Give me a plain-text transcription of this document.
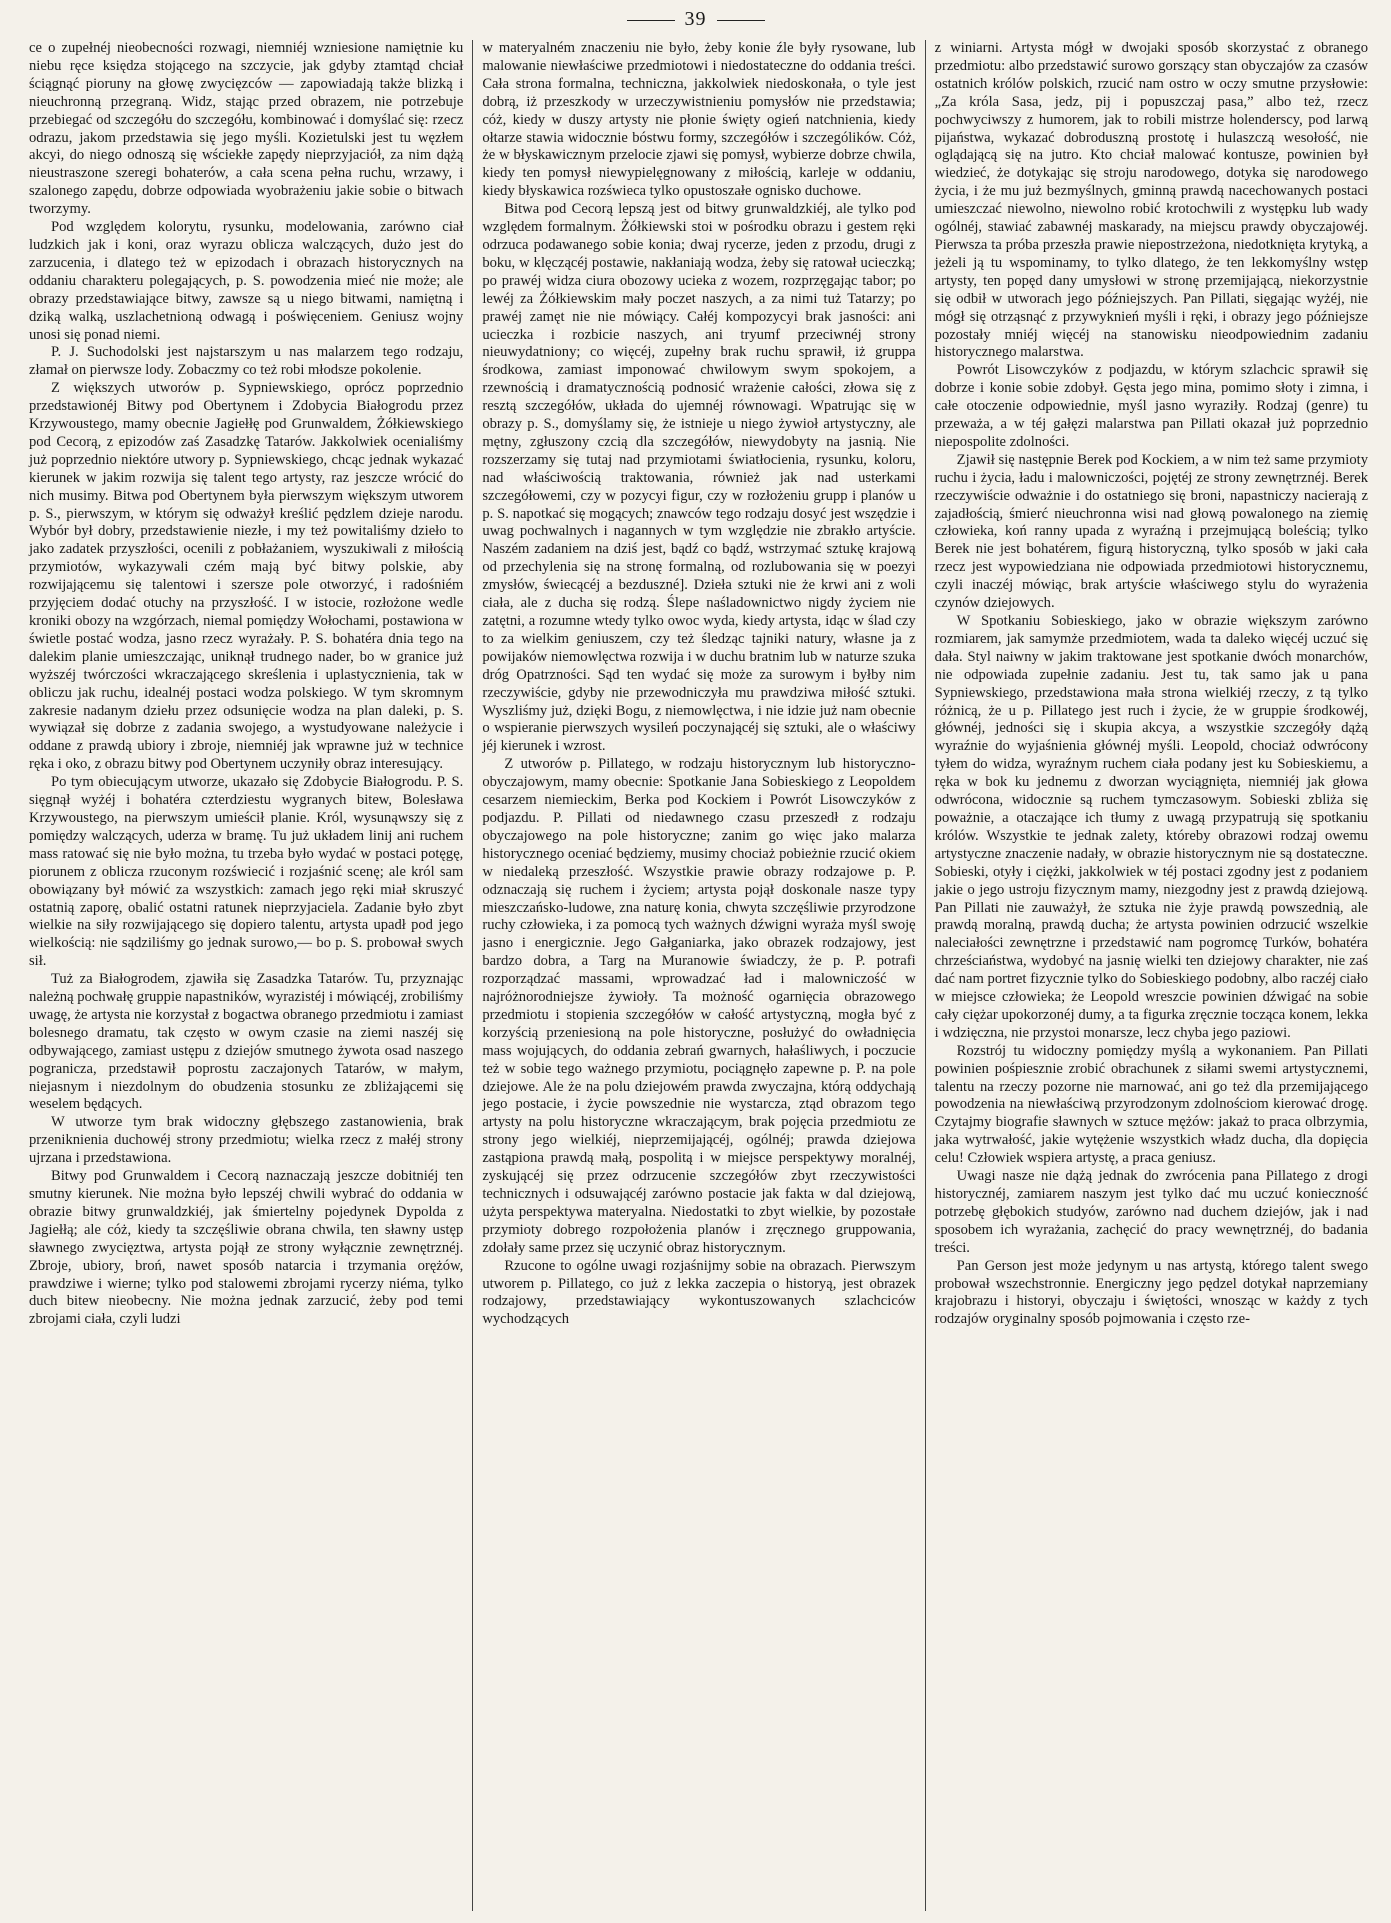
39

ce o zupełnéj nieobecności rozwagi, niemniéj wzniesione namiętnie ku niebu ręce księdza stojącego na szczycie, jak gdyby ztamtąd chciał ściągnąć pioruny na głowę zwycięzców — zapowiadają także blizką i nieuchronną przegraną. Widz, stając przed obrazem, nie potrzebuje przebiegać od szczegółu do szczegółu, kombinować i domyślać się: rzecz odrazu, jakom przedstawia się jego myśli. Kozietulski jest tu węzłem akcyi, do niego odnoszą się wściekłe zapędy nieprzyjaciół, za nim dążą nieustraszone szeregi bohaterów, a cała scena pełna ruchu, wrzawy, i szalonego zapędu, dobrze odpowiada wyobrażeniu jakie sobie o bitwach tworzymy.

Pod względem kolorytu, rysunku, modelowania, zarówno ciał ludzkich jak i koni, oraz wyrazu oblicza walczących, dużo jest do zarzucenia, i dlatego też w epizodach i obrazach historycznych na oddaniu charakteru polegających, p. S. powodzenia mieć nie może; ale obrazy przedstawiające bitwy, zawsze są u niego bitwami, namiętną i dziką walką, uszlachetnioną odwagą i poświęceniem. Geniusz wojny unosi się ponad niemi.

P. J. Suchodolski jest najstarszym u nas malarzem tego rodzaju, złamał on pierwsze lody. Zobaczmy co też robi młodsze pokolenie.

Z większych utworów p. Sypniewskiego, oprócz poprzednio przedstawionéj Bitwy pod Obertynem i Zdobycia Białogrodu przez Krzywoustego, mamy obecnie Jagiełłę pod Grunwaldem, Żółkiewskiego pod Cecorą, z epizodów zaś Zasadzkę Tatarów. Jakkolwiek ocenialiśmy już poprzednio niektóre utwory p. Sypniewskiego, chcąc jednak wykazać kierunek w jakim rozwija się talent tego artysty, raz jeszcze wrócić do nich musimy. Bitwa pod Obertynem była pierwszym większym utworem p. S., pierwszym, w którym się odważył kreślić pędzlem dzieje narodu. Wybór był dobry, przedstawienie niezłe, i my też powitaliśmy dzieło to jako zadatek przyszłości, ocenili z pobłażaniem, wyszukiwali z miłością przymiotów, wykazywali czém mają być bitwy polskie, aby rozwijającemu się talentowi i szersze pole otworzyć, i radośniém przyjęciem dodać otuchy na przyszłość. I w istocie, rozłożone wedle kroniki obozy na wzgórzach, niemal pomiędzy Wołochami, postawiona w świetle postać wodza, jasno rzecz wyrażały. P. S. bohatéra dnia tego na dalekim planie umieszczając, uniknął trudnego nader, bo w granice już wyższéj twórczości wkraczającego skreślenia i uplastycznienia, tak w obliczu jak ruchu, idealnéj postaci wodza polskiego. W tym skromnym zakresie nadanym dziełu przez odsunięcie wodza na plan daleki, p. S. wywiązał się dobrze z zadania swojego, a wystudyowane należycie i oddane z prawdą ubiory i zbroje, niemniéj jak wprawne już w technice ręka i oko, z obrazu bitwy pod Obertynem uczyniły obraz interesujący.

Po tym obiecującym utworze, ukazało się Zdobycie Białogrodu. P. S. sięgnął wyżéj i bohatéra czterdziestu wygranych bitew, Bolesława Krzywoustego, na pierwszym umieścił planie. Król, wysunąwszy się z pomiędzy walczących, uderza w bramę. Tu już układem linij ani ruchem mass ratować się nie było można, tu trzeba było wydać w postaci potęgę, piorunem z oblicza rzuconym rozświecić i rozjaśnić scenę; ale król sam obowiązany był mówić za wszystkich: zamach jego ręki miał skruszyć ostatnią zaporę, obalić ostatni ratunek nieprzyjaciela. Zadanie było zbyt wielkie na siły rozwijającego się dopiero talentu, artysta upadł pod jego wielkością: nie sądziliśmy go jednak surowo,— bo p. S. probował swych sił.

Tuż za Białogrodem, zjawiła się Zasadzka Tatarów. Tu, przyznając należną pochwałę gruppie napastników, wyrazistéj i mówiącéj, zrobiliśmy uwagę, że artysta nie korzystał z bogactwa obranego przedmiotu i zamiast bolesnego dramatu, tak często w owym czasie na ziemi naszéj się odbywającego, zamiast ustępu z dziejów smutnego żywota osad naszego pogranicza, przedstawił poprostu zaczajonych Tatarów, w małym, niejasnym i niezdolnym do obudzenia stosunku ze zbliżającemi się weselem będących.

W utworze tym brak widoczny głębszego zastanowienia, brak przeniknienia duchowéj strony przedmiotu; wielka rzecz z małéj strony ujrzana i przedstawiona.

Bitwy pod Grunwaldem i Cecorą naznaczają jeszcze dobitniéj ten smutny kierunek. Nie można było lepszéj chwili wybrać do oddania w obrazie bitwy grunwaldzkiéj, jak śmiertelny pojedynek Dypolda z Jagiełłą; ale cóż, kiedy ta szczęśliwie obrana chwila, ten sławny ustęp sławnego zwycięztwa, artysta pojął ze strony wyłącznie zewnętrznéj. Zbroje, ubiory, broń, nawet sposób natarcia i trzymania orężów, prawdziwe i wierne; tylko pod stalowemi zbrojami rycerzy niéma, tylko duch bitew nieobecny. Nie można jednak zarzucić, żeby pod temi zbrojami ciała, czyli ludzi

w materyalném znaczeniu nie było, żeby konie źle były rysowane, lub malowanie niewłaściwe przedmiotowi i niedostateczne do oddania treści. Cała strona formalna, techniczna, jakkolwiek niedoskonała, o tyle jest dobrą, iż przeszkody w urzeczywistnieniu pomysłów nie przedstawia; cóż, kiedy w duszy artysty nie płonie święty ogień natchnienia, kiedy ołtarze stawia widocznie bóstwu formy, szczegółów i szczególików. Cóż, że w błyskawicznym przelocie zjawi się pomysł, wybierze dobrze chwila, kiedy ten pomysł niewypielęgnowany z miłością, karleje w oddaniu, kiedy błyskawica rozświeca tylko opustoszałe ognisko duchowe.

Bitwa pod Cecorą lepszą jest od bitwy grunwaldzkiéj, ale tylko pod względem formalnym. Żółkiewski stoi w pośrodku obrazu i gestem ręki odrzuca podawanego sobie konia; dwaj rycerze, jeden z przodu, drugi z boku, w klęczącéj postawie, nakłaniają wodza, żeby się ratował ucieczką; po prawéj widza ciura obozowy ucieka z wozem, rozprzęgając tabor; po lewéj za Żółkiewskim mały poczet naszych, a za nimi tuż Tatarzy; po prawéj zamęt nie nie mówiący. Całéj kompozycyi brak jasności: ani ucieczka i rozbicie naszych, ani tryumf przeciwnéj strony nieuwydatniony; co więcéj, zupełny brak ruchu sprawił, iż gruppa środkowa, zamiast imponować chwilowym swym spokojem, a rzewnością i dramatycznością podnosić wrażenie całości, złowa się z resztą szczegółów, układa do ujemnéj równowagi. Wpatrując się w obrazy p. S., domyślamy się, że istnieje u niego żywioł artystyczny, ale mętny, zgłuszony czcią dla szczegółów, niewydobyty na jasnią. Nie rozszerzamy się tutaj nad przymiotami światłocienia, rysunku, koloru, nad właściwością traktowania, również jak nad usterkami szczegółowemi, czy w pozycyi figur, czy w rozłożeniu grupp i planów u p. S. napotkać się mogących; znawców tego rodzaju dosyć jest wszędzie i uwag pochwalnych i nagannych w tym względzie nie zbrakło artyście. Naszém zadaniem na dziś jest, bądź co bądź, wstrzymać sztukę krajową od przechylenia się na stronę formalną, od rozlubowania się w poezyi zmysłów, świecącéj a bezduszné]. Dzieła sztuki nie że krwi ani z woli ciała, ale z ducha się rodzą. Ślepe naśladownictwo nigdy życiem nie zatętni, a rozumne wtedy tylko owoc wyda, kiedy artysta, idąc w ślad czy to za wielkim geniuszem, czy też śledząc tajniki natury, własne ja z powijaków niemowlęctwa rozwija i w duchu bratnim lub w naturze szuka dróg Opatrzności. Sąd ten wydać się może za surowym i byłby nim rzeczywiście, gdyby nie przewodniczyła mu prawdziwa miłość sztuki. Wyszliśmy już, dzięki Bogu, z niemowlęctwa, i nie idzie już nam obecnie o wspieranie pierwszych wysileń poczynającéj się sztuki, ale o właściwy jéj kierunek i wzrost.

Z utworów p. Pillatego, w rodzaju historycznym lub historyczno-obyczajowym, mamy obecnie: Spotkanie Jana Sobieskiego z Leopoldem cesarzem niemieckim, Berka pod Kockiem i Powrót Lisowczyków z podjazdu. P. Pillati od niedawnego czasu przeszedł z rodzaju obyczajowego na pole historyczne; zanim go więc jako malarza historycznego oceniać będziemy, musimy chociaż pobieżnie rzucić okiem w niedaleką przeszłość. Wszystkie prawie obrazy rodzajowe p. P. odznaczają się ruchem i życiem; artysta pojął doskonale nasze typy mieszczańsko-ludowe, zna naturę konia, chwyta szczęśliwie przyrodzone ruchy człowieka, i za pomocą tych ważnych dźwigni wyraża myśl swoję jasno i energicznie. Jego Gałganiarka, jako obrazek rodzajowy, jest bardzo dobra, a Targ na Muranowie świadczy, że p. P. potrafi rozporządzać massami, wprowadzać ład i malowniczość w najróżnorodniejsze żywioły. Ta możność ogarnięcia obrazowego przedmiotu i stopienia szczegółów w całość artystyczną, mogła być z korzyścią przeniesioną na pole historyczne, posłużyć do owładnięcia mass wojujących, do oddania zebrań gwarnych, hałaśliwych, i poczucie też w sobie tego ważnego przymiotu, pociągnęło zapewne p. P. na pole dziejowe. Ale że na polu dziejowém prawda zwyczajna, którą oddychają jego postacie, i życie powszednie nie wystarcza, ztąd obrazom tego artysty na polu historyczne wkraczającym, brak pojęcia przedmiotu ze strony jego wielkiéj, nieprzemijającéj, ogólnéj; prawda dziejowa zastąpiona prawdą małą, pospolitą i w miejsce perspektywy moralnéj, zyskującéj się przez odrzucenie szczegółów zbyt rzeczywistości technicznych i odsuwającéj zarówno postacie jak fakta w dal dziejową, użyta perspektywa materyalna. Niedostatki to zbyt wielkie, by pozostałe przymioty dobrego rozpołożenia planów i zręcznego gruppowania, zdołały same przez się uczynić obraz historycznym.

Rzucone to ogólne uwagi rozjaśnijmy sobie na obrazach. Pierwszym utworem p. Pillatego, co już z lekka zaczepia o historyą, jest obrazek rodzajowy, przedstawiający wykontuszowanych szlachciców wychodzących

z winiarni. Artysta mógł w dwojaki sposób skorzystać z obranego przedmiotu: albo przedstawić surowo gorszący stan obyczajów za czasów ostatnich królów polskich, rzucić nam ostro w oczy smutne przysłowie: „Za króla Sasa, jedz, pij i popuszczaj pasa,” albo też, rzecz pochwyciwszy z humorem, jak to robili mistrze holenderscy, pod larwą pijaństwa, wykazać dobroduszną prostotę i hulaszczą wesołość, nie oglądającą się na jutro. Kto chciał malować kontusze, powinien był wiedzieć, że dotykając się stroju narodowego, dotyka się narodowego życia, i że mu już bezmyślnych, gminną prawdą nacechowanych postaci umieszczać niewolno, niewolno robić krotochwili z występku lub wady ogólnéj, stawiać zabawnéj maskarady, na miejscu prawdy obyczajowéj. Pierwsza ta próba przeszła prawie niepostrzeżona, niedotknięta krytyką, a jeżeli ją tu wspominamy, to tylko dlatego, że ten lekkomyślny wstęp artysty, ten popęd dany umysłowi w stronę przemijającą, niekorzystnie się odbił w utworach jego późniejszych. Pan Pillati, sięgając wyżéj, nie mógł się otrząsnąć z przywyknień myśli i ręki, i obrazy jego późniejsze pozostały mniéj więcéj na stanowisku nieodpowiednim zadaniu historycznego malarstwa.

Powrót Lisowczyków z podjazdu, w którym szlachcic sprawił się dobrze i konie sobie zdobył. Gęsta jego mina, pomimo słoty i zimna, i całe otoczenie odpowiednie, myśl jasno wyraziły. Rodzaj (genre) tu przeważa, a w téj gałęzi malarstwa pan Pillati okazał już poprzednio niepospolite zdolności.

Zjawił się następnie Berek pod Kockiem, a w nim też same przymioty ruchu i życia, ładu i malowniczości, pojętéj ze strony zewnętrznéj. Berek rzeczywiście odważnie i do ostatniego się broni, napastniczy nacierają z zajadłością, śmierć nieuchronna wisi nad głową powalonego na ziemię człowieka, koń ranny upada z wyraźną i przejmującą boleścią; tylko Berek nie jest bohatérem, figurą historyczną, tylko sposób w jaki cała rzecz jest wypowiedziana nie odpowiada przedmiotowi historycznemu, czyli inaczéj mówiąc, brak artyście właściwego stylu do wyrażenia czynów dziejowych.

W Spotkaniu Sobieskiego, jako w obrazie większym zarówno rozmiarem, jak samymże przedmiotem, wada ta daleko więcéj uczuć się dała. Styl naiwny w jakim traktowane jest spotkanie dwóch monarchów, nie odpowiada zupełnie zadaniu. Jest tu, tak samo jak u pana Sypniewskiego, przedstawiona mała strona wielkiéj rzeczy, z tą tylko różnicą, że u p. Pillatego jest ruch i życie, że w gruppie środkowéj, głównéj, jedności się i skupia akcya, a wszystkie szczegóły dążą wyraźnie do wyjaśnienia głównéj myśli. Leopold, chociaż odwrócony tyłem do widza, wyraźnym ruchem ciała podany jest ku Sobieskiemu, a ręka w bok ku jednemu z dworzan wyciągnięta, niemniéj jak głowa odwrócona, widocznie są ruchem tymczasowym. Sobieski zbliża się poważnie, a otaczające ich tłumy z uwagą przypatrują się spotkaniu królów. Wszystkie te jednak zalety, któreby obrazowi rodzaj owemu artystyczne znaczenie nadały, w obrazie historycznym nie są dostateczne. Sobieski, otyły i ciężki, jakkolwiek w téj postaci zgodny jest z podaniem jakie o jego ustroju fizycznym mamy, niezgodny jest z prawdą dziejową. Pan Pillati nie zauważył, że sztuka nie żyje prawdą powszednią, ale prawdą moralną, prawdą ducha; że artysta powinien odrzucić wszelkie naleciałości zewnętrzne i przedstawić nam pogromcę Turków, bohatéra chrześciaństwa, wydobyć na jasnię wielki ten dziejowy charakter, nie zaś dać nam portret fizycznie tylko do Sobieskiego podobny, albo raczéj ciało w miejsce człowieka; że Leopold wreszcie powinien dźwigać na sobie cały ciężar upokorzonéj dumy, a ta figurka zręcznie tocząca konem, lekka i wdzięczna, nie przystoi monarsze, lecz chyba jego paziowi.

Rozstrój tu widoczny pomiędzy myślą a wykonaniem. Pan Pillati powinien pośpiesznie zrobić obrachunek z siłami swemi artystycznemi, talentu na rzeczy pozorne nie marnować, ani go też dla przemijającego powodzenia na niewłaściwą przyrodzonym zdolnościom kierować drogę. Czytajmy biografie sławnych w sztuce mężów: jakaż to praca olbrzymia, jaka wytrwałość, jakie wytężenie wszystkich władz ducha, dla dopięcia celu! Człowiek wspiera artystę, a praca geniusz.

Uwagi nasze nie dążą jednak do zwrócenia pana Pillatego z drogi historycznéj, zamiarem naszym jest tylko dać mu uczuć konieczność potrzebę głębokich studyów, zarówno nad duchem dziejów, jak i nad sposobem ich wyrażania, zachęcić do pracy wewnętrznéj, do badania treści.

Pan Gerson jest może jedynym u nas artystą, którego talent swego probował wszechstronnie. Energiczny jego pędzel dotykał naprzemiany krajobrazu i historyi, obyczaju i świętości, wnosząc w każdy z tych rodzajów oryginalny sposób pojmowania i często rze-
